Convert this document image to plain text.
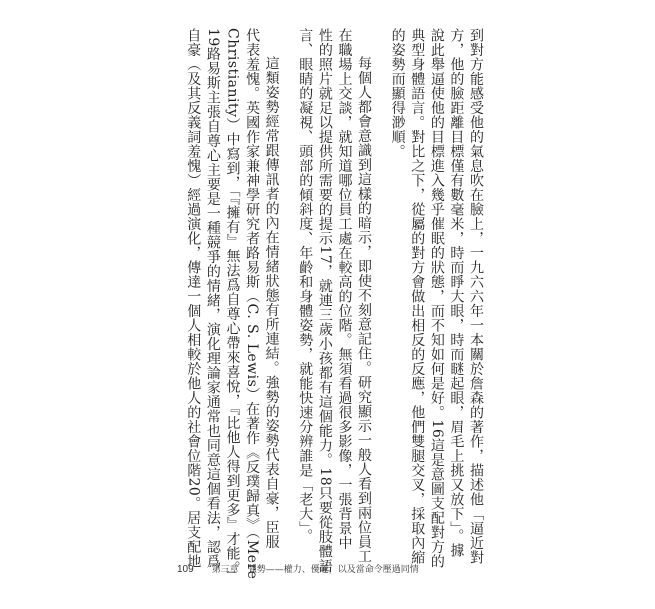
到對方能感受他的氣息吹在臉上，一九六六年一本關於詹森的著作，描述他「逼近對
方，他的臉距離目標僅有數毫米，時而睜大眼，時而瞇起眼，眉毛上挑又放下」。據
說此舉逼使他的目標進入幾乎催眠的狀態，而不知如何是好。16這是意圖支配對方的
典型身體語言。對比之下，從屬的對方會做出相反的反應，他們雙腿交叉，採取內縮
的姿勢而顯得渺順。
每個人都會意識到這樣的暗示，即使不刻意記住。研究顯示一般人看到兩位員工
在職場上交談，就知道哪位員工處在較高的位階。無須看過很多影像，一張背景中
性的照片就足以提供所需要的提示17，就連三歲小孩都有這個能力。18只要從肢體語
言、眼睛的凝視、頭部的傾斜度、年齡和身體姿勢，就能快速分辨誰是「老大」。
這類姿勢經常跟傳訊者的內在情緒狀態有所連結。強勢的姿勢代表自豪，臣服
代表羞愧。英國作家兼神學研究者路易斯（C. S. Lewis）在著作《反璞歸真》（Mere
Christianity）中寫到，「『擁有』無法爲自尊心帶來喜悅，『比他人得到更多』才能。」
19路易斯主張自尊心主要是一種競爭的情緒，演化理論家通常也同意這個看法，認爲
自豪（及其反義詞羞愧）經過演化，傳達一個人相較於他人的社會位階20。居支配地
109 第三章　強勢——權力、優越，以及當命令壓過同情
